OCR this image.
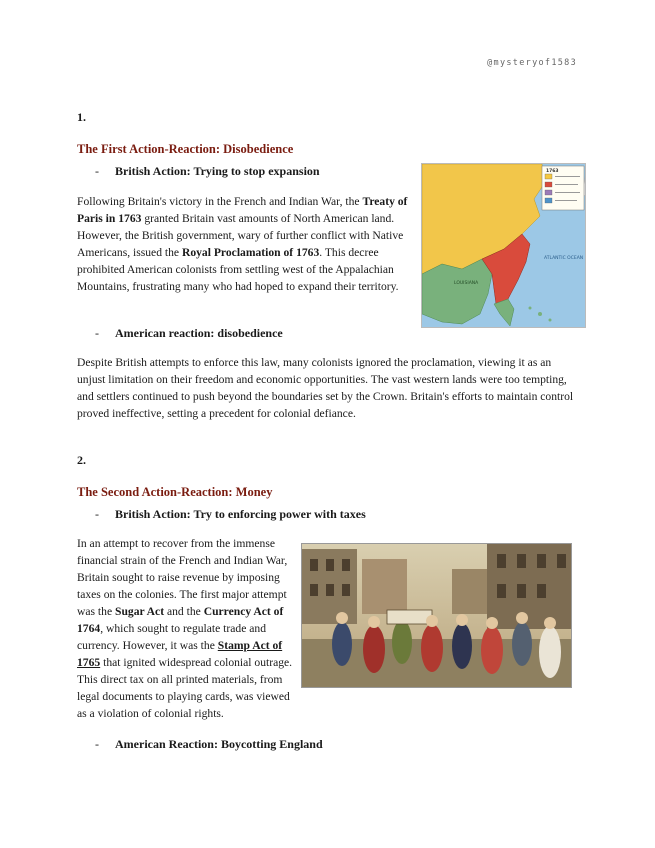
@mysteryof1583
1.
The First Action-Reaction: Disobedience
- British Action: Trying to stop expansion
Following Britain's victory in the French and Indian War, the Treaty of Paris in 1763 granted Britain vast amounts of North American land. However, the British government, wary of further conflict with Native Americans, issued the Royal Proclamation of 1763. This decree prohibited American colonists from settling west of the Appalachian Mountains, frustrating many who had hoped to expand their territory.
1763
ATLANTIC OCEAN
LOUISIANA
- American reaction: disobedience
Despite British attempts to enforce this law, many colonists ignored the proclamation, viewing it as an unjust limitation on their freedom and economic opportunities. The vast western lands were too tempting, and settlers continued to push beyond the boundaries set by the Crown. Britain's efforts to maintain control proved ineffective, setting a precedent for colonial defiance.
2.
The Second Action-Reaction: Money
- British Action: Try to enforcing power with taxes
In an attempt to recover from the immense financial strain of the French and Indian War, Britain sought to raise revenue by imposing taxes on the colonies. The first major attempt was the Sugar Act and the Currency Act of 1764, which sought to regulate trade and currency. However, it was the Stamp Act of 1765 that ignited widespread colonial outrage. This direct tax on all printed materials, from legal documents to playing cards, was viewed as a violation of colonial rights.
- American Reaction: Boycotting England
